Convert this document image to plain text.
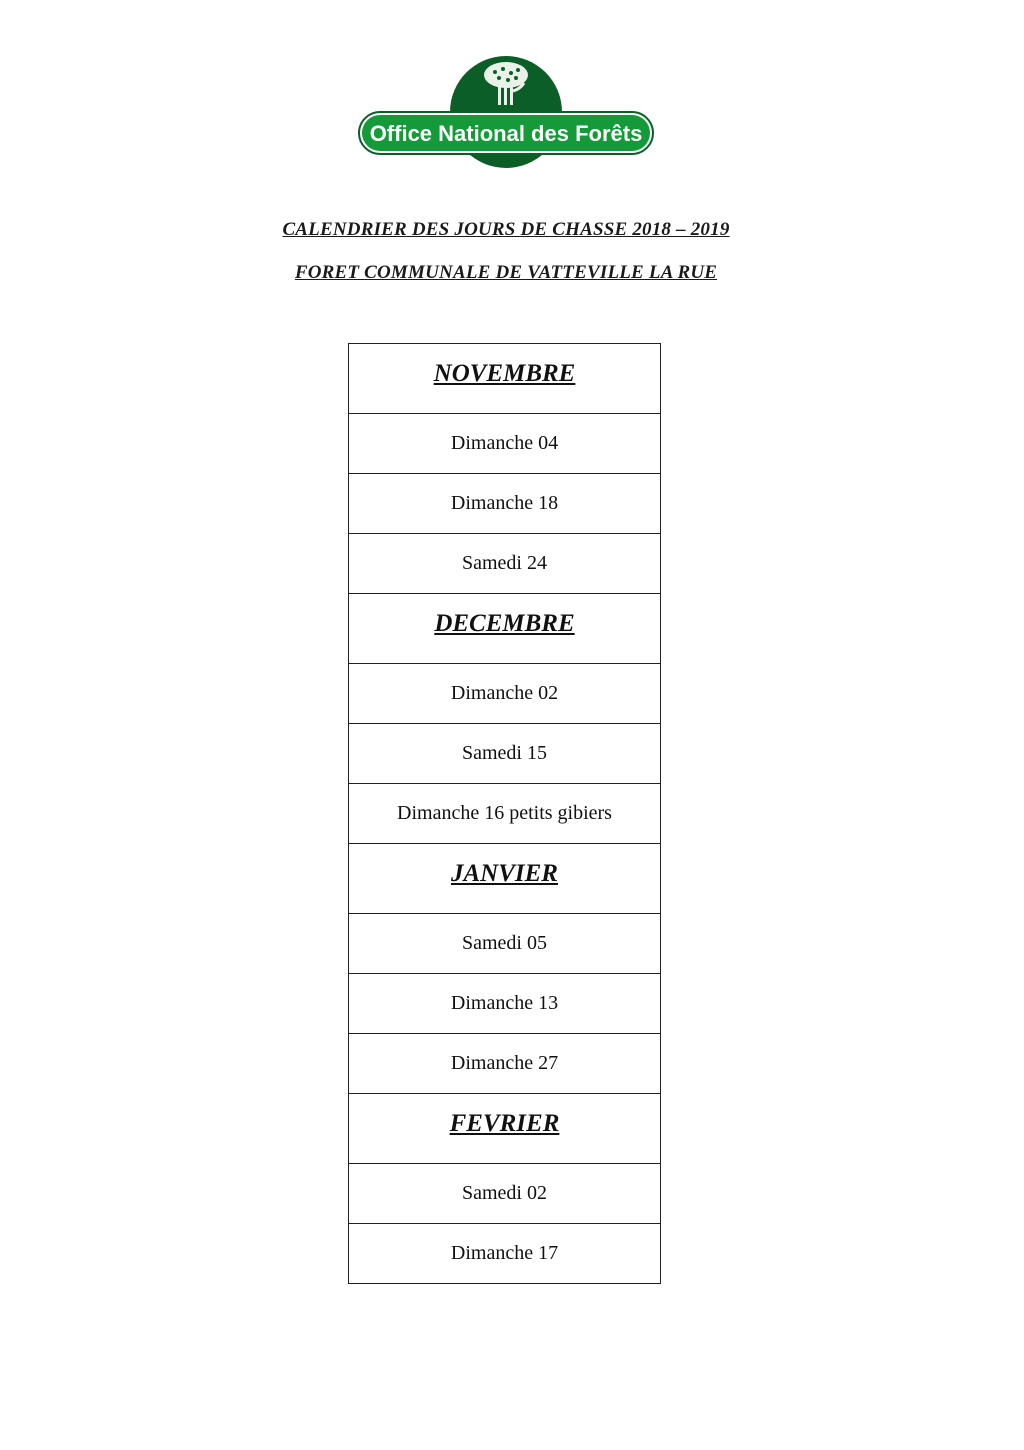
Office National des Forêts
CALENDRIER DES JOURS DE CHASSE 2018 – 2019
FORET COMMUNALE DE VATTEVILLE LA RUE
NOVEMBRE
Dimanche 04
Dimanche 18
Samedi 24
DECEMBRE
Dimanche 02
Samedi 15
Dimanche 16 petits gibiers
JANVIER
Samedi 05
Dimanche 13
Dimanche 27
FEVRIER
Samedi 02
Dimanche 17
